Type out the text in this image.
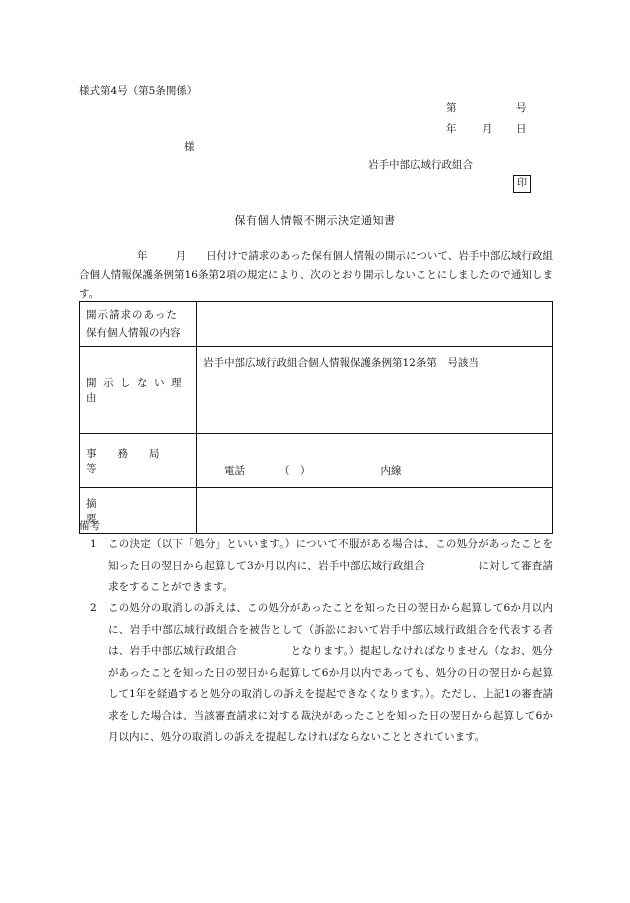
様式第4号（第5条関係）
第	号
年 月 日
様
岩手中部広域行政組合
印
保有個人情報不開示決定通知書
年	月 日付けで請求のあった保有個人情報の開示について、岩手中部広域行政組合個人情報保護条例第16条第2項の規定により、次のとおり開示しないことにしましたので通知します。
開示請求のあった
保有個人情報の内容	

開示しない理由	岩手中部広域行政組合個人情報保護条例第12条第　号該当

事務局等	電話 （　） 内線

摘要	

備考
1 この決定（以下「処分」といいます。）について不服がある場合は、この処分があったことを知った日の翌日から起算して3か月以内に、岩手中部広域行政組合　　　　　に対して審査請求をすることができます。
2 この処分の取消しの訴えは、この処分があったことを知った日の翌日から起算して6か月以内に、岩手中部広域行政組合を被告として（訴訟において岩手中部広域行政組合を代表する者は、岩手中部広域行政組合　　　　　となります。）提起しなければなりません（なお、処分があったことを知った日の翌日から起算して6か月以内であっても、処分の日の翌日から起算して1年を経過すると処分の取消しの訴えを提起できなくなります。）。ただし、上記1の審査請求をした場合は、当該審査請求に対する裁決があったことを知った日の翌日から起算して6か月以内に、処分の取消しの訴えを提起しなければならないこととされています。
